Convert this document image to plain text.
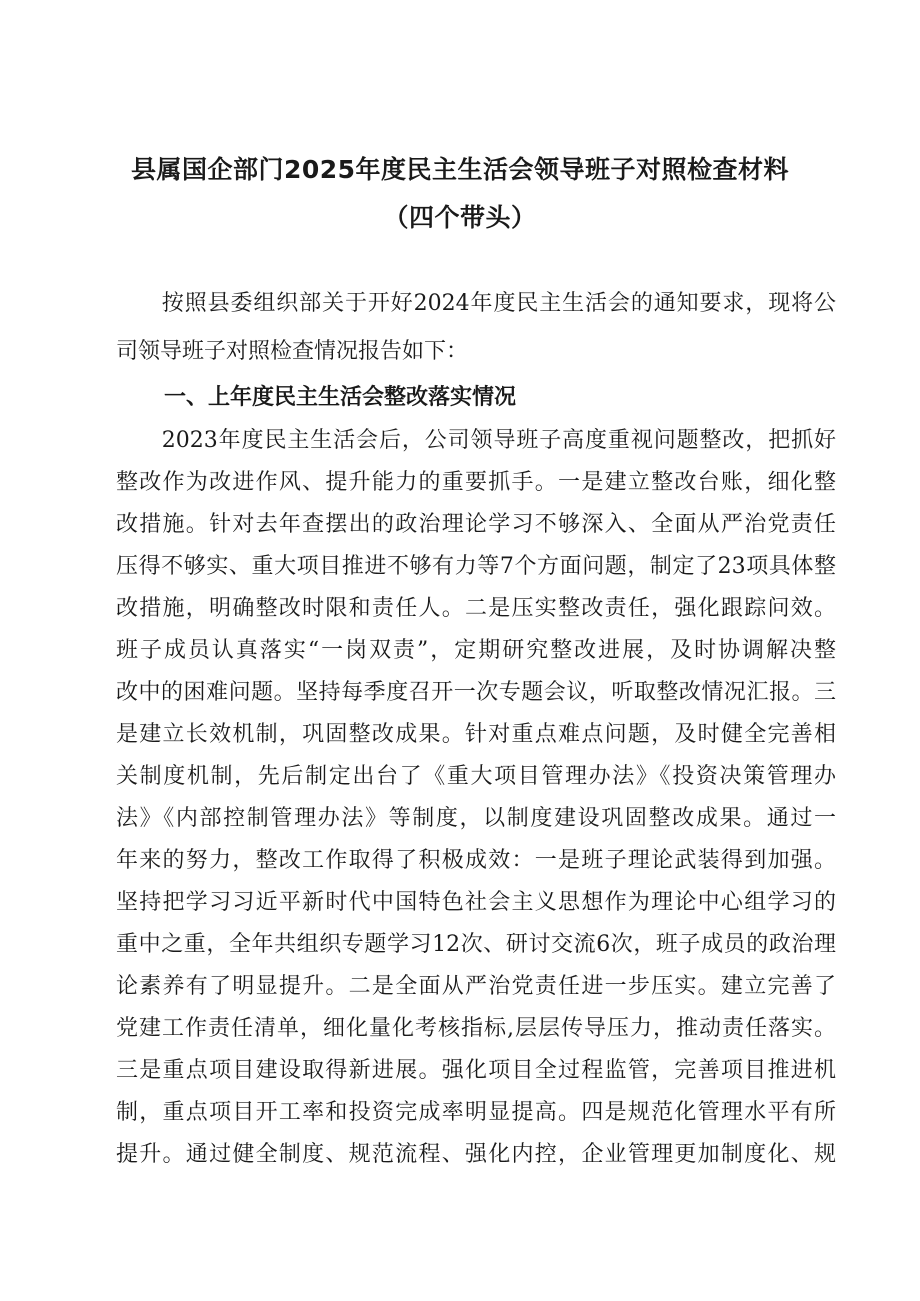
县属国企部门2025年度民主生活会领导班子对照检查材料
（四个带头）
　　按照县委组织部关于开好2024年度民主生活会的通知要求，现将公
司领导班子对照检查情况报告如下：
一、上年度民主生活会整改落实情况
　　2023年度民主生活会后，公司领导班子高度重视问题整改，把抓好
整改作为改进作风、提升能力的重要抓手。一是建立整改台账，细化整
改措施。针对去年查摆出的政治理论学习不够深入、全面从严治党责任
压得不够实、重大项目推进不够有力等7个方面问题，制定了23项具体整
改措施，明确整改时限和责任人。二是压实整改责任，强化跟踪问效。
班子成员认真落实“一岗双责”，定期研究整改进展，及时协调解决整
改中的困难问题。坚持每季度召开一次专题会议，听取整改情况汇报。三
是建立长效机制，巩固整改成果。针对重点难点问题，及时健全完善相
关制度机制，先后制定出台了《重大项目管理办法》《投资决策管理办
法》《内部控制管理办法》等制度，以制度建设巩固整改成果。通过一
年来的努力，整改工作取得了积极成效：一是班子理论武装得到加强。
坚持把学习习近平新时代中国特色社会主义思想作为理论中心组学习的
重中之重，全年共组织专题学习12次、研讨交流6次，班子成员的政治理
论素养有了明显提升。二是全面从严治党责任进一步压实。建立完善了
党建工作责任清单，细化量化考核指标,层层传导压力，推动责任落实。
三是重点项目建设取得新进展。强化项目全过程监管，完善项目推进机
制，重点项目开工率和投资完成率明显提高。四是规范化管理水平有所
提升。通过健全制度、规范流程、强化内控，企业管理更加制度化、规
